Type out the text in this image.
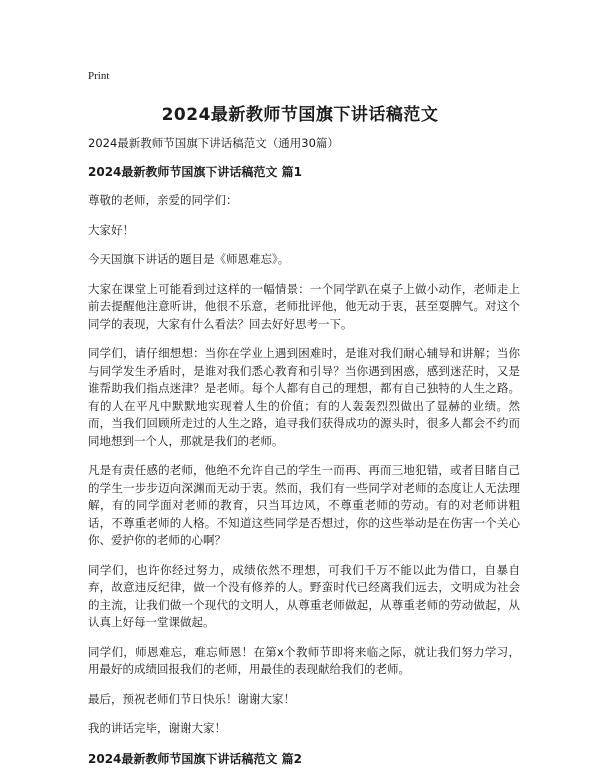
Print
2024最新教师节国旗下讲话稿范文

2024最新教师节国旗下讲话稿范文（通用30篇）

2024最新教师节国旗下讲话稿范文 篇1

尊敬的老师，亲爱的同学们：

大家好！

今天国旗下讲话的题目是《师恩难忘》。

大家在课堂上可能看到过这样的一幅情景：一个同学趴在桌子上做小动作，老师走上前去提醒他注意听讲，他很不乐意，老师批评他，他无动于衷，甚至耍脾气。对这个同学的表现，大家有什么看法？回去好好思考一下。

同学们，请仔细想想：当你在学业上遇到困难时，是谁对我们耐心辅导和讲解；当你与同学发生矛盾时，是谁对我们悉心教育和引导？当你遇到困惑，感到迷茫时，又是谁帮助我们指点迷津？是老师。每个人都有自己的理想，都有自己独特的人生之路。有的人在平凡中默默地实现着人生的价值；有的人轰轰烈烈做出了显赫的业绩。然而，当我们回顾所走过的人生之路，追寻我们获得成功的源头时，很多人都会不约而同地想到一个人，那就是我们的老师。

凡是有责任感的老师，他绝不允许自己的学生一而再、再而三地犯错，或者目睹自己的学生一步步迈向深渊而无动于衷。然而，我们有一些同学对老师的态度让人无法理解，有的同学面对老师的教育，只当耳边风，不尊重老师的劳动。有的对老师讲粗话，不尊重老师的人格。不知道这些同学是否想过，你的这些举动是在伤害一个关心你、爱护你的老师的心啊？

同学们，也许你经过努力，成绩依然不理想，可我们千万不能以此为借口，自暴自弃，故意违反纪律，做一个没有修养的人。野蛮时代已经离我们远去，文明成为社会的主流，让我们做一个现代的文明人，从尊重老师做起，从尊重老师的劳动做起，从认真上好每一堂课做起。

同学们，师恩难忘，难忘师恩！在第x个教师节即将来临之际，就让我们努力学习，用最好的成绩回报我们的老师，用最佳的表现献给我们的老师。

最后，预祝老师们节日快乐！谢谢大家！

我的讲话完毕，谢谢大家！

2024最新教师节国旗下讲话稿范文 篇2
